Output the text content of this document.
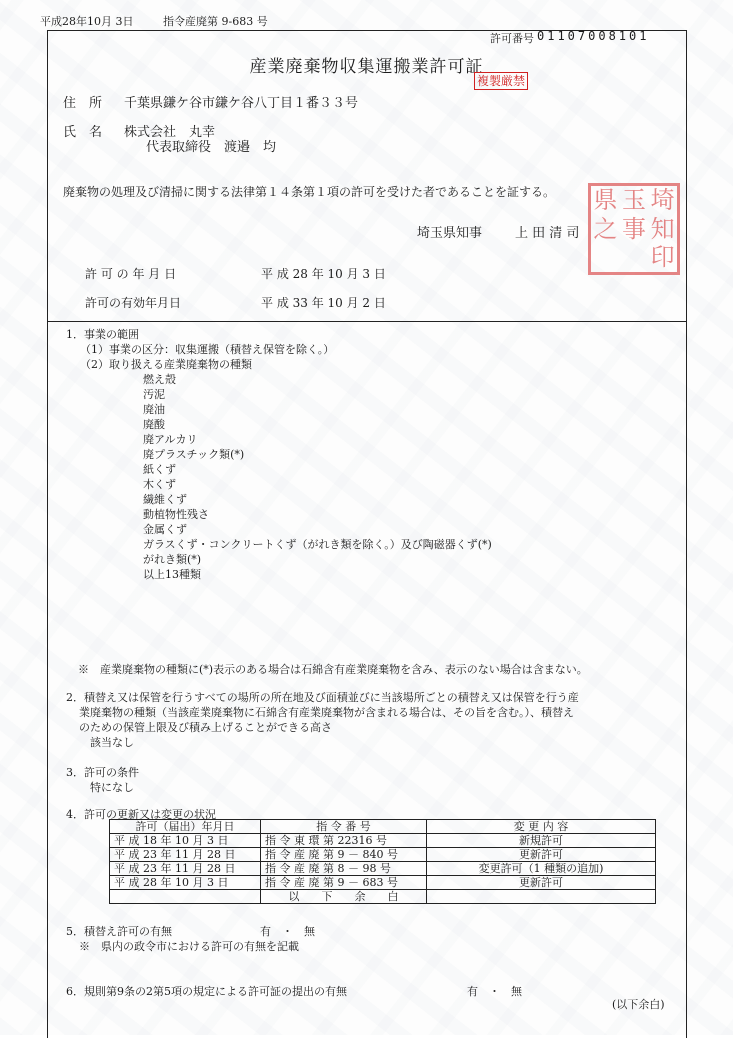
平成28年10月 3日	指令産廃第 9-683 号
許可番号 01107008101
産業廃棄物収集運搬業許可証
複製厳禁
住　所 千葉県鎌ケ谷市鎌ケ谷八丁目１番３３号
氏　名 株式会社　丸幸
代表取締役　渡邉　均
廃棄物の処理及び清掃に関する法律第１４条第１項の許可を受けた者であることを証する。
埼玉県知事	上 田 清 司
県 玉 埼
之 事 知
印
許 可 の 年 月 日	平 成 28 年 10 月 3 日
許可の有効年月日	平 成 33 年 10 月 2 日
1．事業の範囲
（1）事業の区分：収集運搬（積替え保管を除く。）
（2）取り扱える産業廃棄物の種類
燃え殻
汚泥
廃油
廃酸
廃アルカリ
廃プラスチック類(*)
紙くず
木くず
繊維くず
動植物性残さ
金属くず
ガラスくず・コンクリートくず（がれき類を除く。）及び陶磁器くず(*)
がれき類(*)
以上13種類
※　産業廃棄物の種類に(*)表示のある場合は石綿含有産業廃棄物を含み、表示のない場合は含まない。
2．積替え又は保管を行うすべての場所の所在地及び面積並びに当該場所ごとの積替え又は保管を行う産
業廃棄物の種類（当該産業廃棄物に石綿含有産業廃棄物が含まれる場合は、その旨を含む。）、積替え
のための保管上限及び積み上げることができる高さ
該当なし
3．許可の条件
特になし
4．許可の更新又は変更の状況
許可（届出）年月日	指 令 番 号	変 更 内 容
平 成 18 年 10 月 3 日	指 令 東 環 第 22316 号	新規許可
平 成 23 年 11 月 28 日	指 令 産 廃 第 9 － 840 号	更新許可
平 成 23 年 11 月 28 日	指 令 産 廃 第 8 － 98 号	変更許可（1 種類の追加)
平 成 28 年 10 月 3 日	指 令 産 廃 第 9 － 683 号	更新許可
	以　　下　　余　　白	
5．積替え許可の有無	有　・　無
※　県内の政令市における許可の有無を記載
6．規則第9条の2第5項の規定による許可証の提出の有無	有　・　無
(以下余白)
